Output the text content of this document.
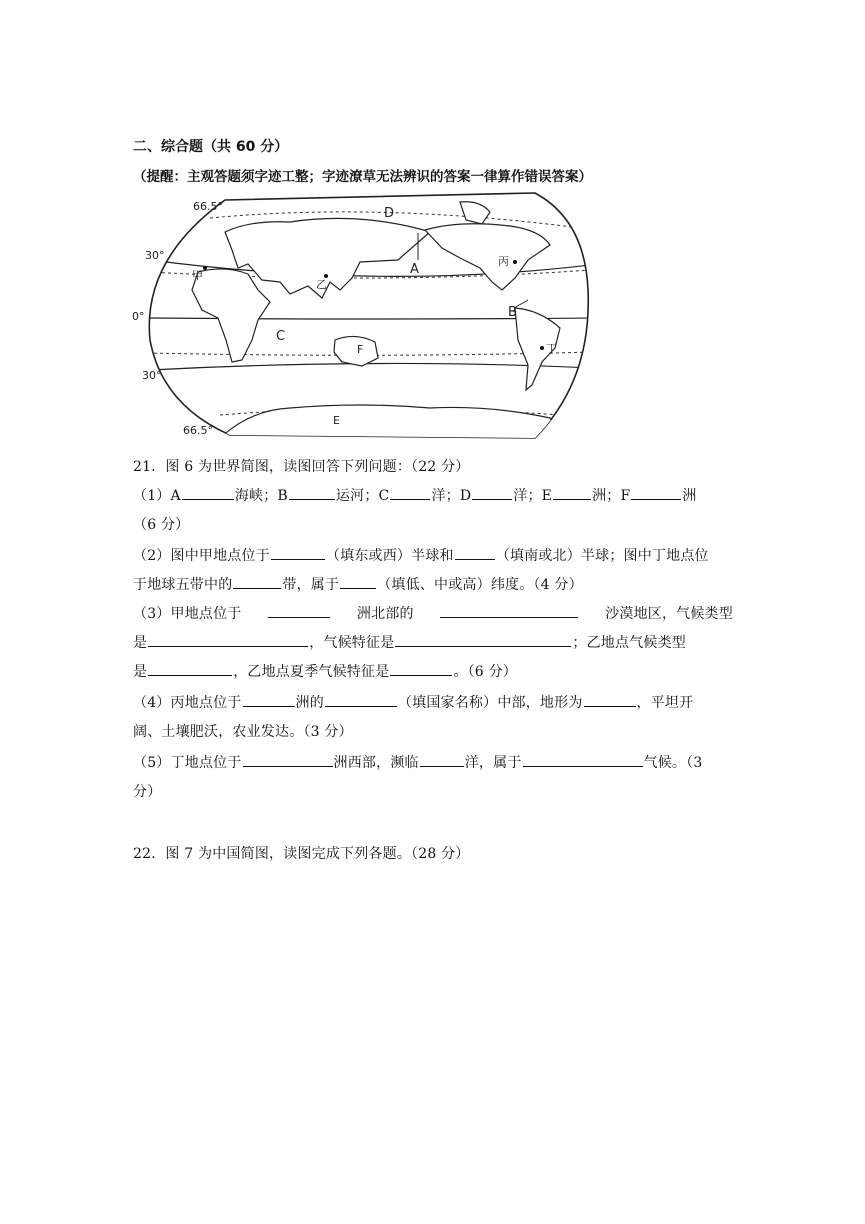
二、综合题（共 60 分）
（提醒：主观答题须字迹工整；字迹潦草无法辨识的答案一律算作错误答案）
66.5°
30°
0°
30°
66.5°
D
A
C
B
F
E
甲
乙
丙
丁
21．图 6 为世界简图，读图回答下列问题：（22 分）
（1）A	海峡；B	运河；C	洋；D	洋；E	洲；F	洲
（6 分）
（2）图中甲地点位于	（填东或西）半球和	（填南或北）半球；图中丁地点位
于地球五带中的	带，属于	（填低、中或高）纬度。（4 分）
（3）甲地点位于	洲北部的	沙漠地区，气候类型
是	，气候特征是	；乙地点气候类型
是	，乙地点夏季气候特征是	。（6 分）
（4）丙地点位于	洲的	（填国家名称）中部，地形为	，平坦开
阔、土壤肥沃，农业发达。（3 分）
（5）丁地点位于	洲西部，濒临	洋，属于	气候。（3
分）
22．图 7 为中国简图，读图完成下列各题。（28 分）
